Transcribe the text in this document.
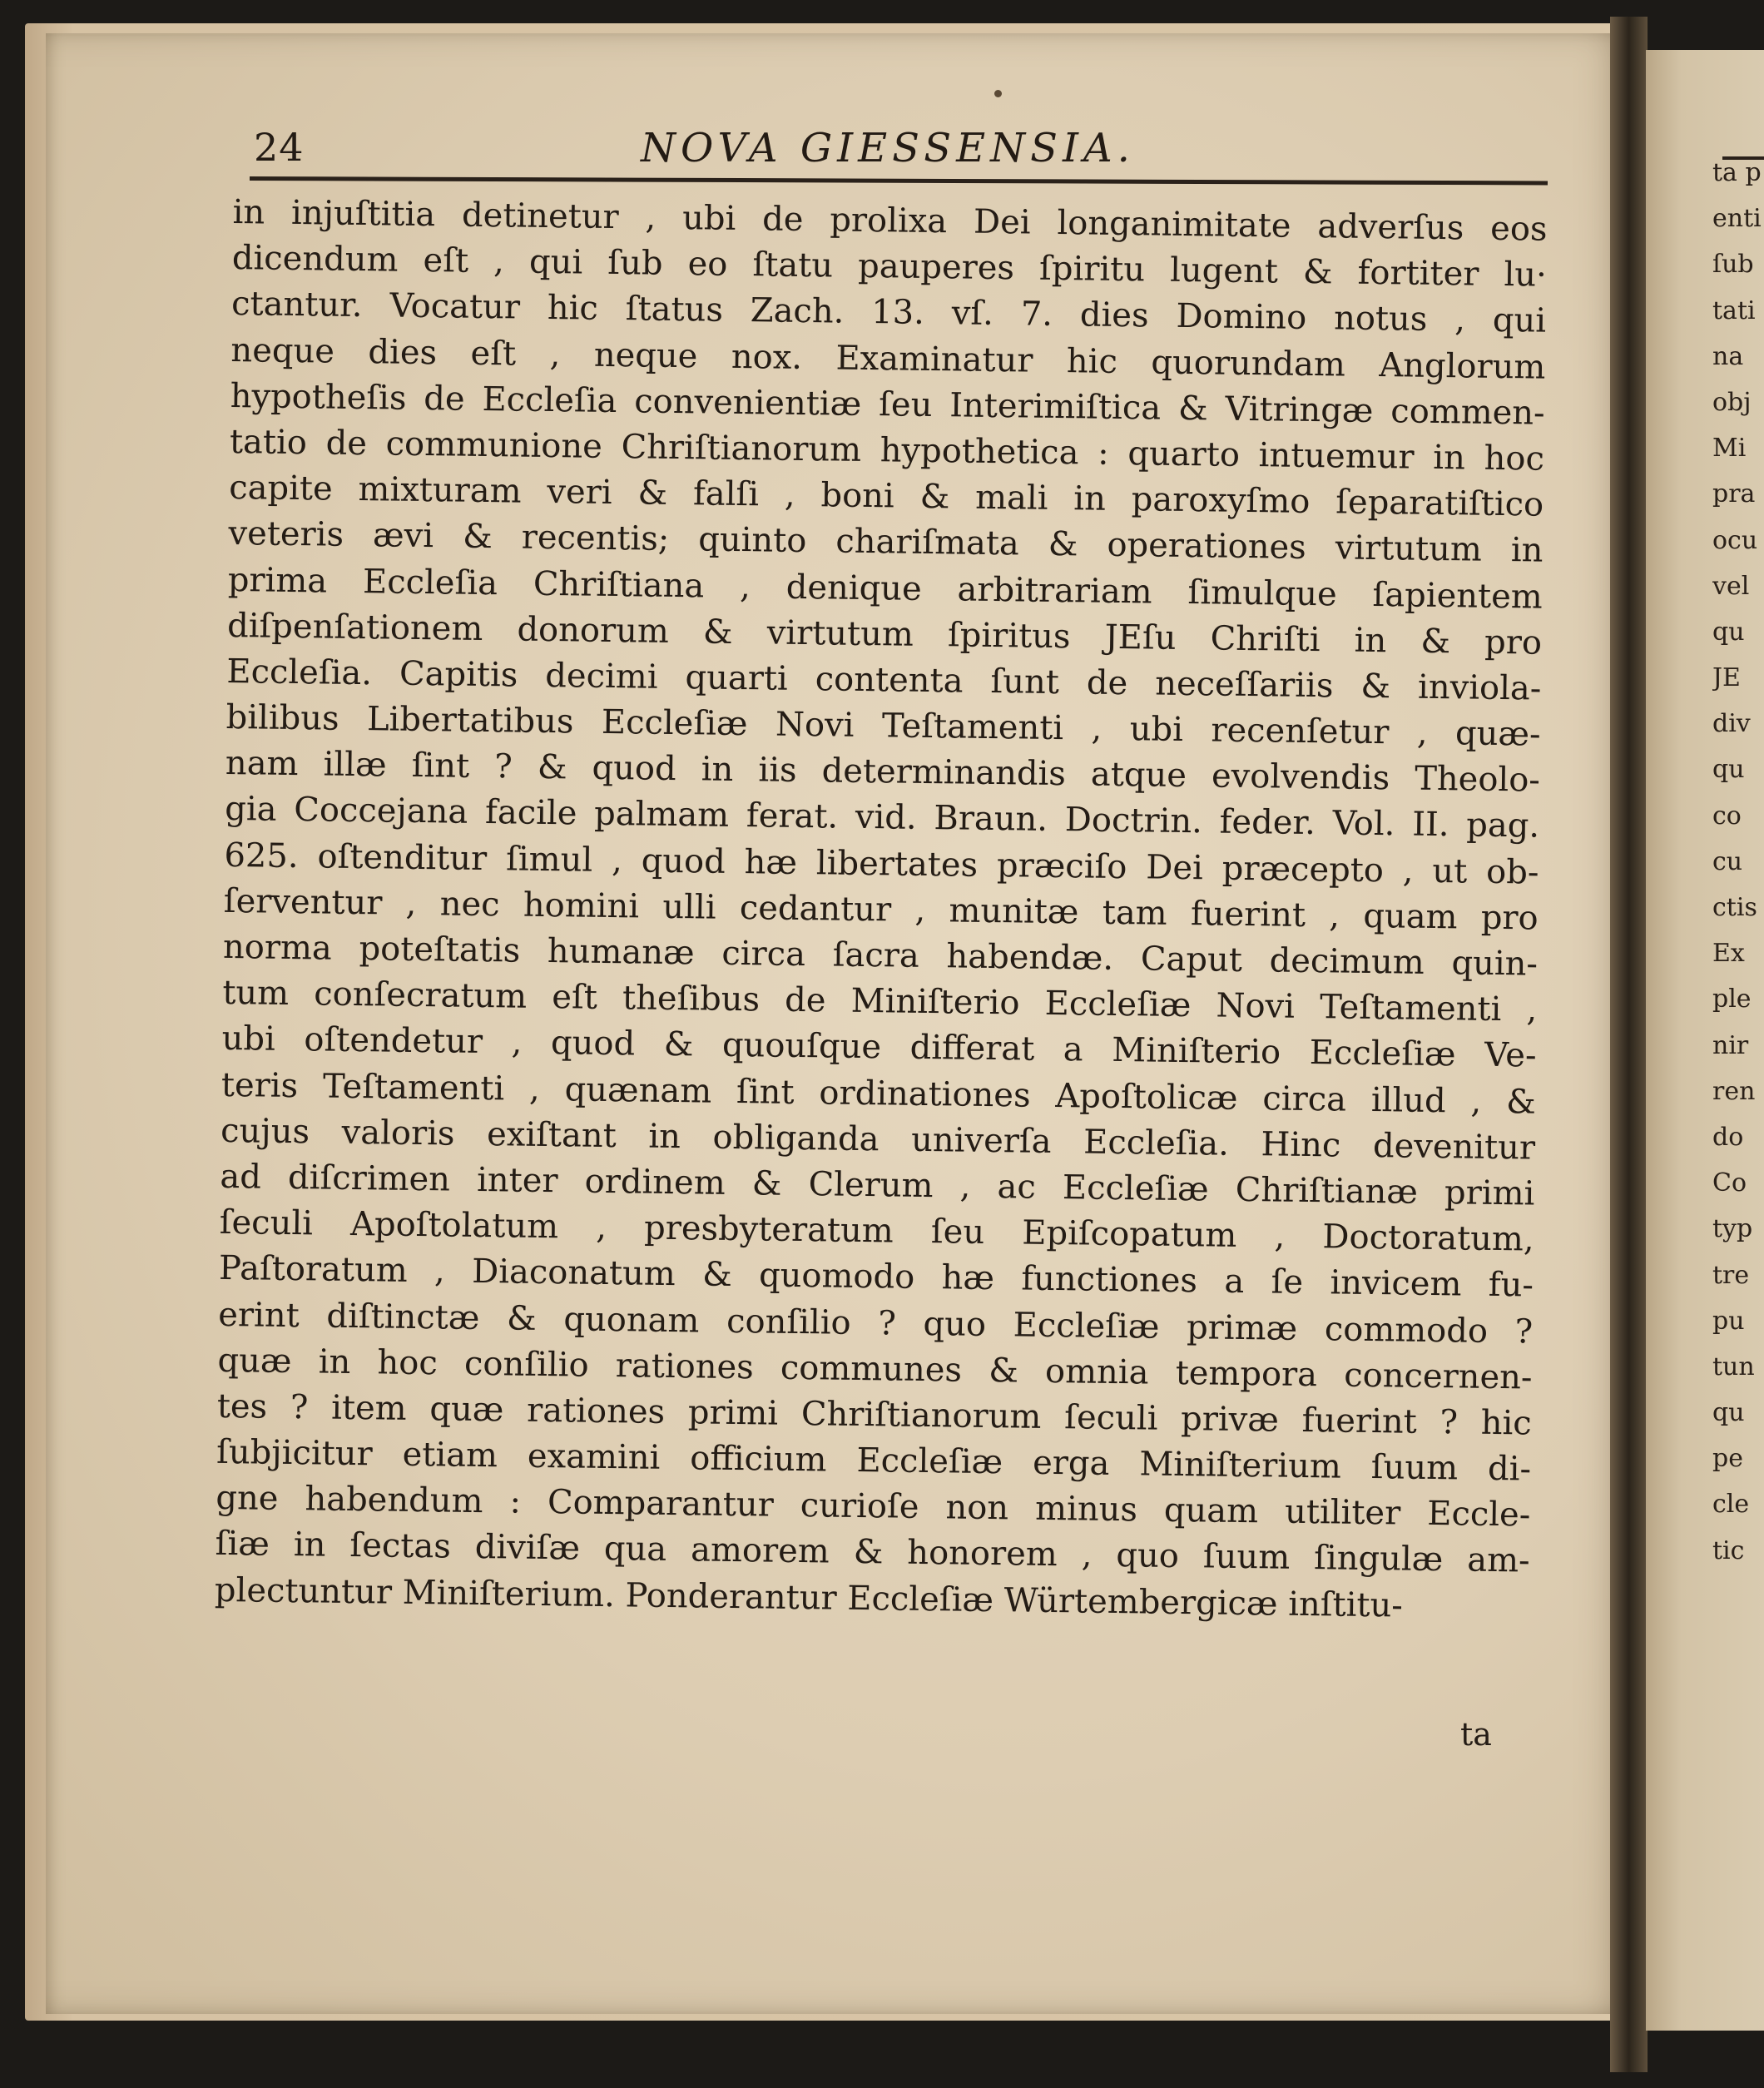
24	NOVA GIESSENSIA.
in injuſtitia detinetur , ubi de prolixa Dei longanimitate adverſus eos
dicendum eſt , qui ſub eo ſtatu pauperes ſpiritu lugent & fortiter lu·
ctantur. Vocatur hic ſtatus Zach. 13. vſ. 7. dies Domino notus , qui
neque dies eſt , neque nox. Examinatur hic quorundam Anglorum
hypotheſis de Eccleſia convenientiæ ſeu Interimiſtica & Vitringæ commen-
tatio de communione Chriſtianorum hypothetica : quarto intuemur in hoc
capite mixturam veri & falſi , boni & mali in paroxyſmo ſeparatiſtico
veteris ævi & recentis; quinto chariſmata & operationes virtutum in
prima Eccleſia Chriſtiana , denique arbitrariam ſimulque ſapientem
diſpenſationem donorum & virtutum ſpiritus JEſu Chriſti in & pro
Eccleſia. Capitis decimi quarti contenta ſunt de neceſſariis & inviola-
bilibus Libertatibus Eccleſiæ Novi Teſtamenti , ubi recenſetur , quæ-
nam illæ ſint ? & quod in iis determinandis atque evolvendis Theolo-
gia Coccejana facile palmam ferat. vid. Braun. Doctrin. feder. Vol. II. pag.
625. oſtenditur ſimul , quod hæ libertates præciſo Dei præcepto , ut ob-
ſerventur , nec homini ulli cedantur , munitæ tam fuerint , quam pro
norma poteſtatis humanæ circa ſacra habendæ. Caput decimum quin-
tum conſecratum eſt theſibus de Miniſterio Eccleſiæ Novi Teſtamenti ,
ubi oſtendetur , quod & quouſque differat a Miniſterio Eccleſiæ Ve-
teris Teſtamenti , quænam ſint ordinationes Apoſtolicæ circa illud , &
cujus valoris exiſtant in obliganda univerſa Eccleſia. Hinc devenitur
ad diſcrimen inter ordinem & Clerum , ac Eccleſiæ Chriſtianæ primi
ſeculi Apoſtolatum , presbyteratum ſeu Epiſcopatum , Doctoratum,
Paſtoratum , Diaconatum & quomodo hæ functiones a ſe invicem fu-
erint diſtinctæ & quonam conſilio ? quo Eccleſiæ primæ commodo ?
quæ in hoc conſilio rationes communes & omnia tempora concernen-
tes ? item quæ rationes primi Chriſtianorum ſeculi privæ fuerint ? hic
ſubjicitur etiam examini officium Eccleſiæ erga Miniſterium ſuum di-
gne habendum : Comparantur curioſe non minus quam utiliter Eccle-
ſiæ in ſectas diviſæ qua amorem & honorem , quo ſuum ſingulæ am-
plectuntur Miniſterium. Ponderantur Eccleſiæ Würtembergicæ inſtitu-
ta
ta p
enti
ſub
tati
na
obj
Mi
pra
ocu
vel
qu
JE
div
qu
co
cu
ctis
Ex
ple
nir
ren
do
Co
typ
tre
pu
tun
qu
pe
cle
tic
